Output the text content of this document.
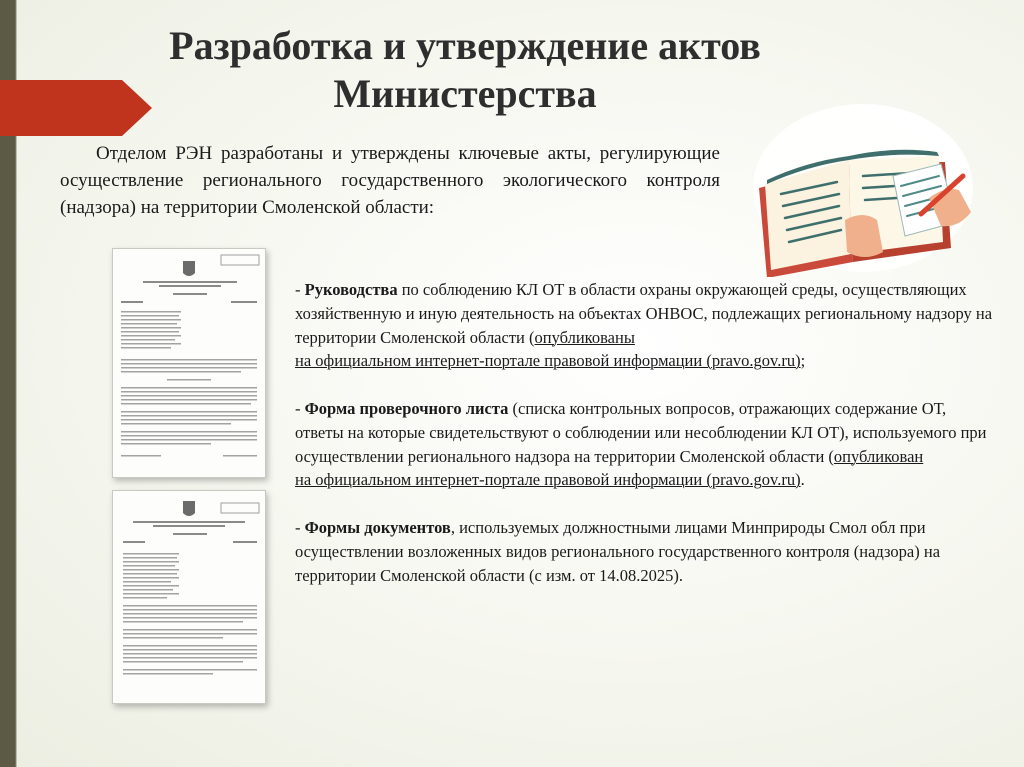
Разработка и утверждение актов
Министерства
Отделом РЭН разработаны и утверждены ключевые акты, регулирующие осуществление регионального государственного экологического контроля (надзора) на территории Смоленской области:

- Руководства по соблюдению КЛ ОТ в области охраны окружающей среды, осуществляющих хозяйственную и иную деятельность на объектах ОНВОС, подлежащих региональному надзору на территории Смоленской области (опубликованы
на официальном интернет-портале правовой информации (pravo.gov.ru);

- Форма проверочного листа (списка контрольных вопросов, отражающих содержание ОТ, ответы на которые свидетельствуют о соблюдении или несоблюдении КЛ ОТ), используемого при осуществлении регионального надзора на территории Смоленской области (опубликован
на официальном интернет-портале правовой информации (pravo.gov.ru).

- Формы документов, используемых должностными лицами Минприроды Смол обл при осуществлении возложенных видов регионального государственного контроля (надзора) на территории Смоленской области (с изм. от 14.08.2025).
